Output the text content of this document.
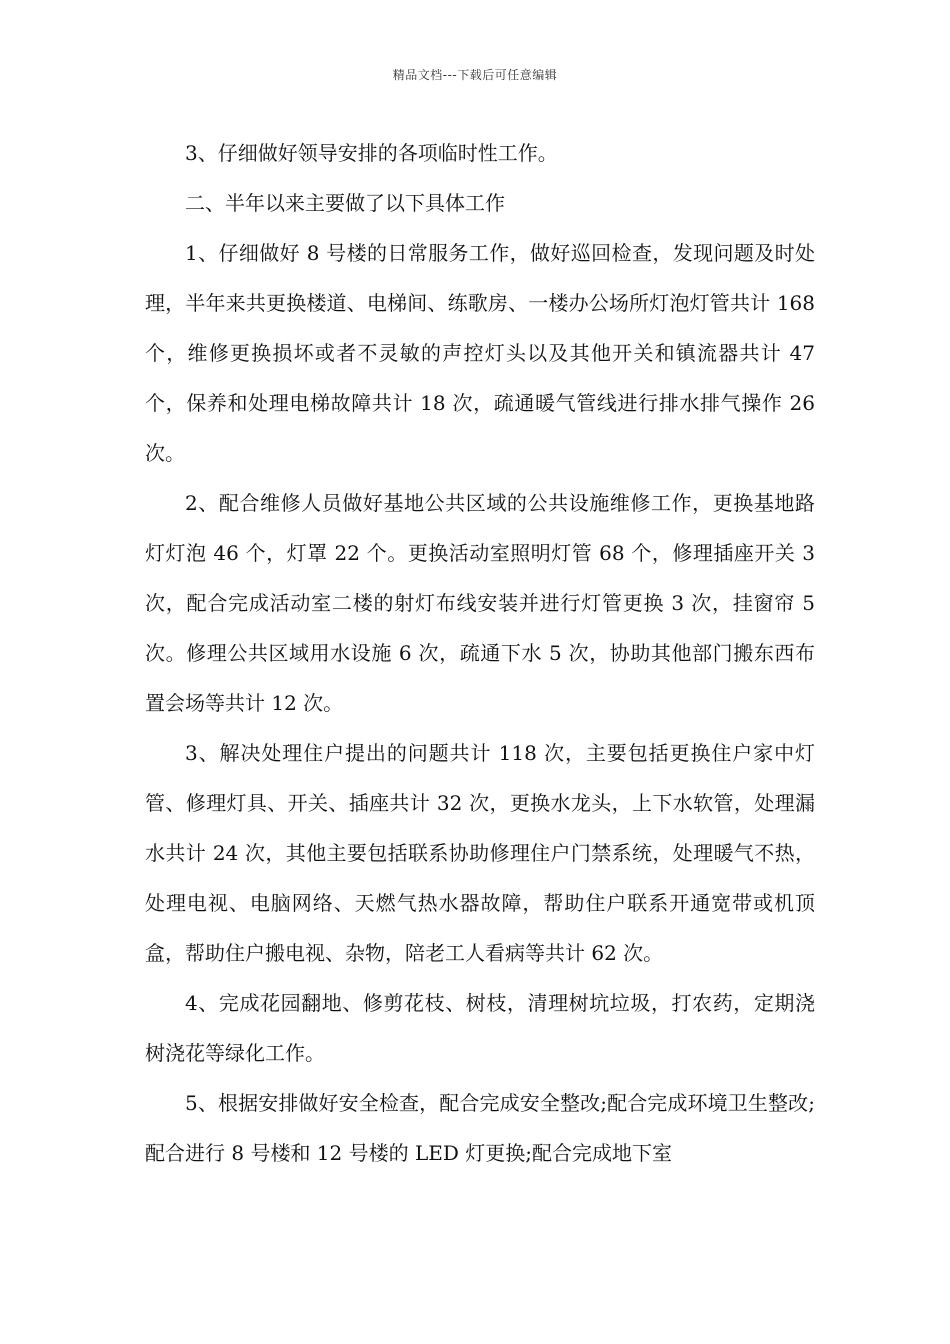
精品文档---下载后可任意编辑

3、仔细做好领导安排的各项临时性工作。

二、半年以来主要做了以下具体工作

1、仔细做好 8 号楼的日常服务工作，做好巡回检查，发现问题及时处理，半年来共更换楼道、电梯间、练歌房、一楼办公场所灯泡灯管共计 168 个，维修更换损坏或者不灵敏的声控灯头以及其他开关和镇流器共计 47 个，保养和处理电梯故障共计 18 次，疏通暖气管线进行排水排气操作 26 次。

2、配合维修人员做好基地公共区域的公共设施维修工作，更换基地路灯灯泡 46 个，灯罩 22 个。更换活动室照明灯管 68 个，修理插座开关 3 次，配合完成活动室二楼的射灯布线安装并进行灯管更换 3 次，挂窗帘 5 次。修理公共区域用水设施 6 次，疏通下水 5 次，协助其他部门搬东西布置会场等共计 12 次。

3、解决处理住户提出的问题共计 118 次，主要包括更换住户家中灯管、修理灯具、开关、插座共计 32 次，更换水龙头，上下水软管，处理漏水共计 24 次，其他主要包括联系协助修理住户门禁系统，处理暖气不热，处理电视、电脑网络、天燃气热水器故障，帮助住户联系开通宽带或机顶盒，帮助住户搬电视、杂物，陪老工人看病等共计 62 次。

4、完成花园翻地、修剪花枝、树枝，清理树坑垃圾，打农药，定期浇树浇花等绿化工作。

5、根据安排做好安全检查，配合完成安全整改;配合完成环境卫生整改;配合进行 8 号楼和 12 号楼的 LED 灯更换;配合完成地下室
